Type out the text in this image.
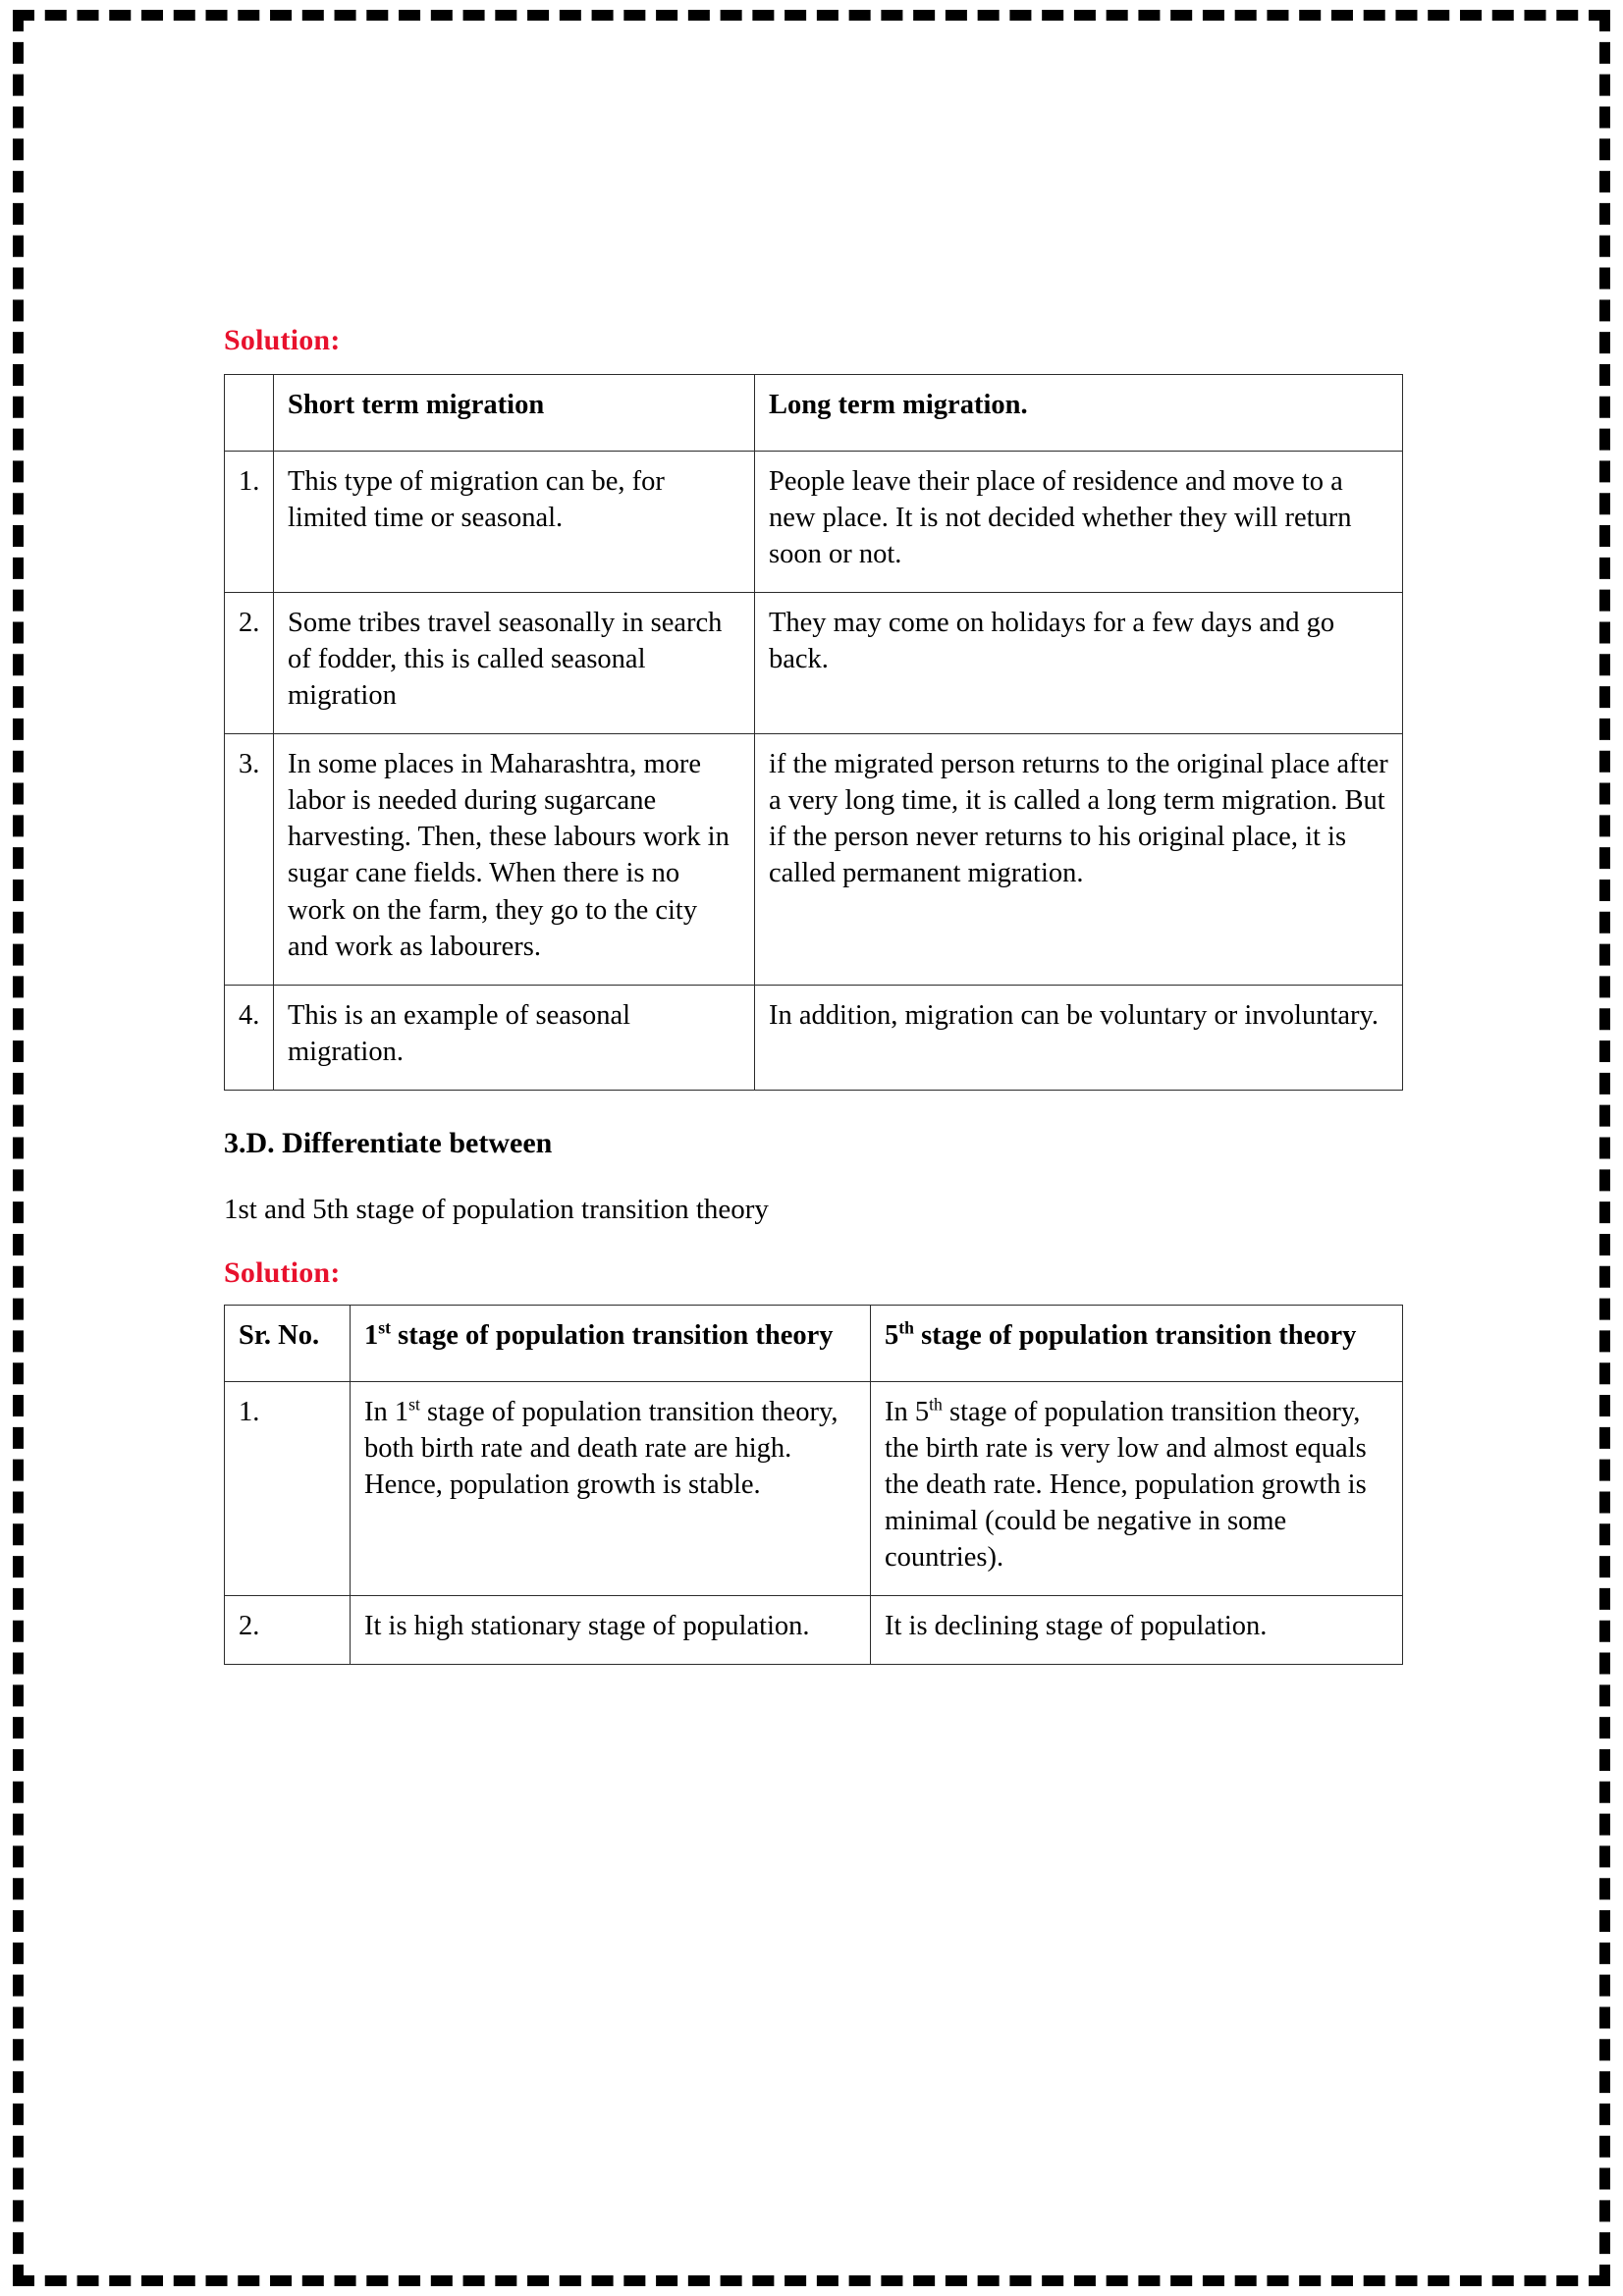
Solution:

	Short term migration	Long term migration.
1.	This type of migration can be, for limited time or seasonal.	People leave their place of residence and move to a new place. It is not decided whether they will return soon or not.
2.	Some tribes travel seasonally in search of fodder, this is called seasonal migration	They may come on holidays for a few days and go back.
3.	In some places in Maharashtra, more labor is needed during sugarcane harvesting. Then, these labours work in sugar cane fields. When there is no work on the farm, they go to the city and work as labourers.	if the migrated person returns to the original place after a very long time, it is called a long term migration. But if the person never returns to his original place, it is called permanent migration.
4.	This is an example of seasonal migration.	In addition, migration can be voluntary or involuntary.

3.D. Differentiate between

1st and 5th stage of population transition theory

Solution:

Sr. No.	1st stage of population transition theory	5th stage of population transition theory
1.	In 1st stage of population transition theory, both birth rate and death rate are high. Hence, population growth is stable.	In 5th stage of population transition theory, the birth rate is very low and almost equals the death rate. Hence, population growth is minimal (could be negative in some countries).
2.	It is high stationary stage of population.	It is declining stage of population.
